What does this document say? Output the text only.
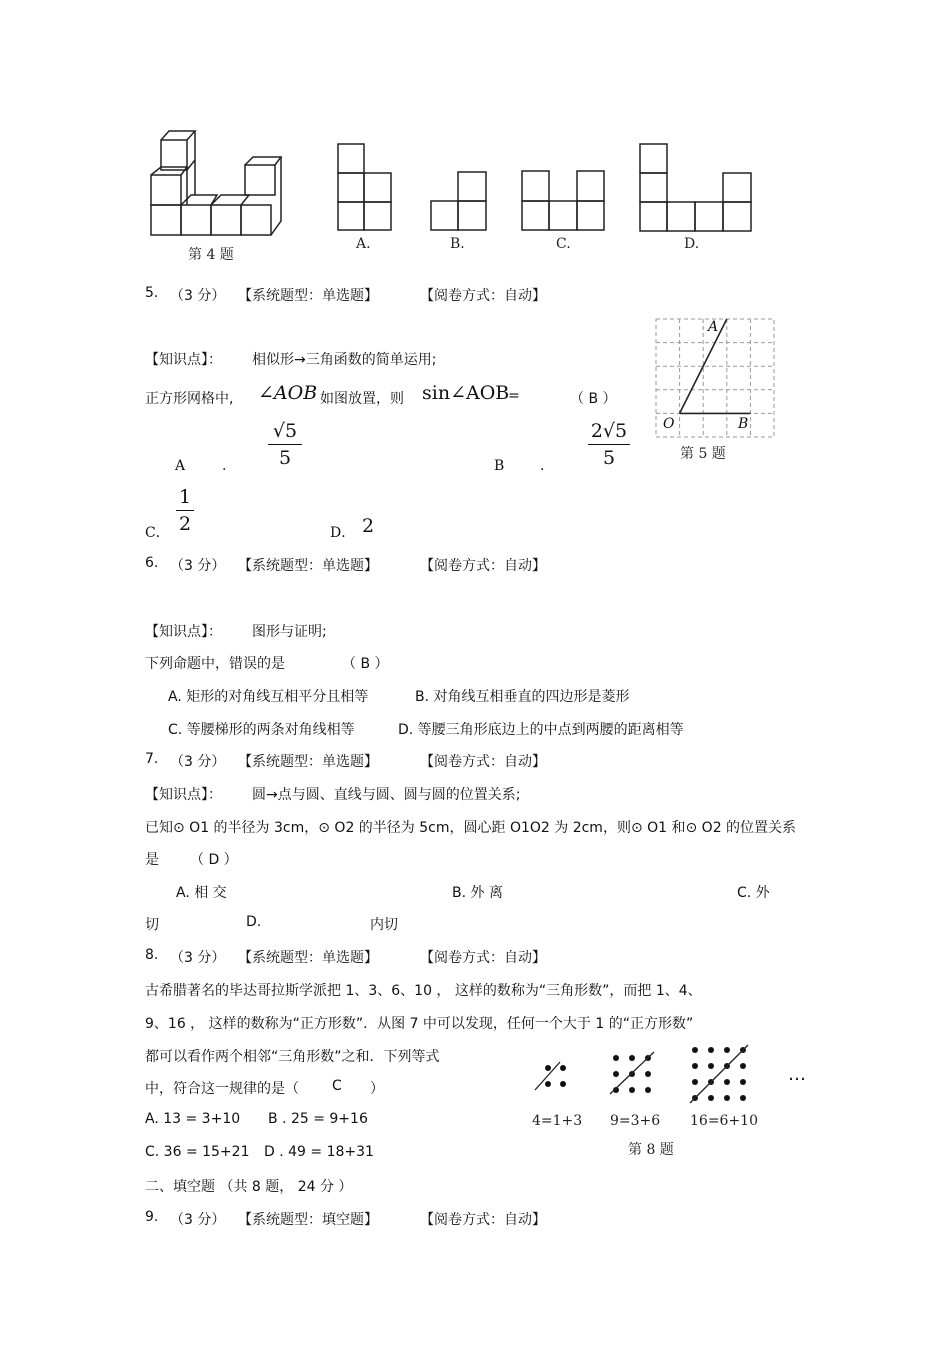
第 4 题
A.	B.	C.	D.
5. （3 分） 【系统题型：单选题】	【阅卷方式：自动】
【知识点】： 相似形→三角函数的简单运用;
正方形网格中, ∠AOB 如图放置，则 sin∠AOB
=	（ B ）
A	.
√5
5	B	.
2√5
5
C．
1
2	D． 2
A
O	B
第 5 题
6. （3 分） 【系统题型：单选题】	【阅卷方式：自动】
【知识点】： 图形与证明;
下列命题中，错误的是	（ B ）
A. 矩形的对角线互相平分且相等	B. 对角线互相垂直的四边形是菱形
C. 等腰梯形的两条对角线相等	D. 等腰三角形底边上的中点到两腰的距离相等
7. （3 分） 【系统题型：单选题】	【阅卷方式：自动】
【知识点】： 圆→点与圆、直线与圆、圆与圆的位置关系;
已知⊙ O1 的半径为 3cm，⊙ O2 的半径为 5cm，圆心距 O1O2 为 2cm，则⊙ O1 和⊙ O2 的位置关系
是 （ D ）
A. 相 交	B. 外 离	C. 外
切	D.	内切
8. （3 分） 【系统题型：单选题】	【阅卷方式：自动】
古希腊著名的毕达哥拉斯学派把 1、3、6、10 ， 这样的数称为“三角形数”，而把 1、4、
9、16 ， 这样的数称为“正方形数”．从图 7 中可以发现，任何一个大于 1 的“正方形数”
都可以看作两个相邻“三角形数”之和．下列等式
中，符合这一规律的是（ C ）
A. 13 = 3+10 B . 25 = 9+16
C. 36 = 15+21 D . 49 = 18+31
…
4=1+3 9=3+6 16=6+10
第 8 题
二、填空题 （共 8 题， 24 分 ）
9. （3 分） 【系统题型：填空题】	【阅卷方式：自动】
